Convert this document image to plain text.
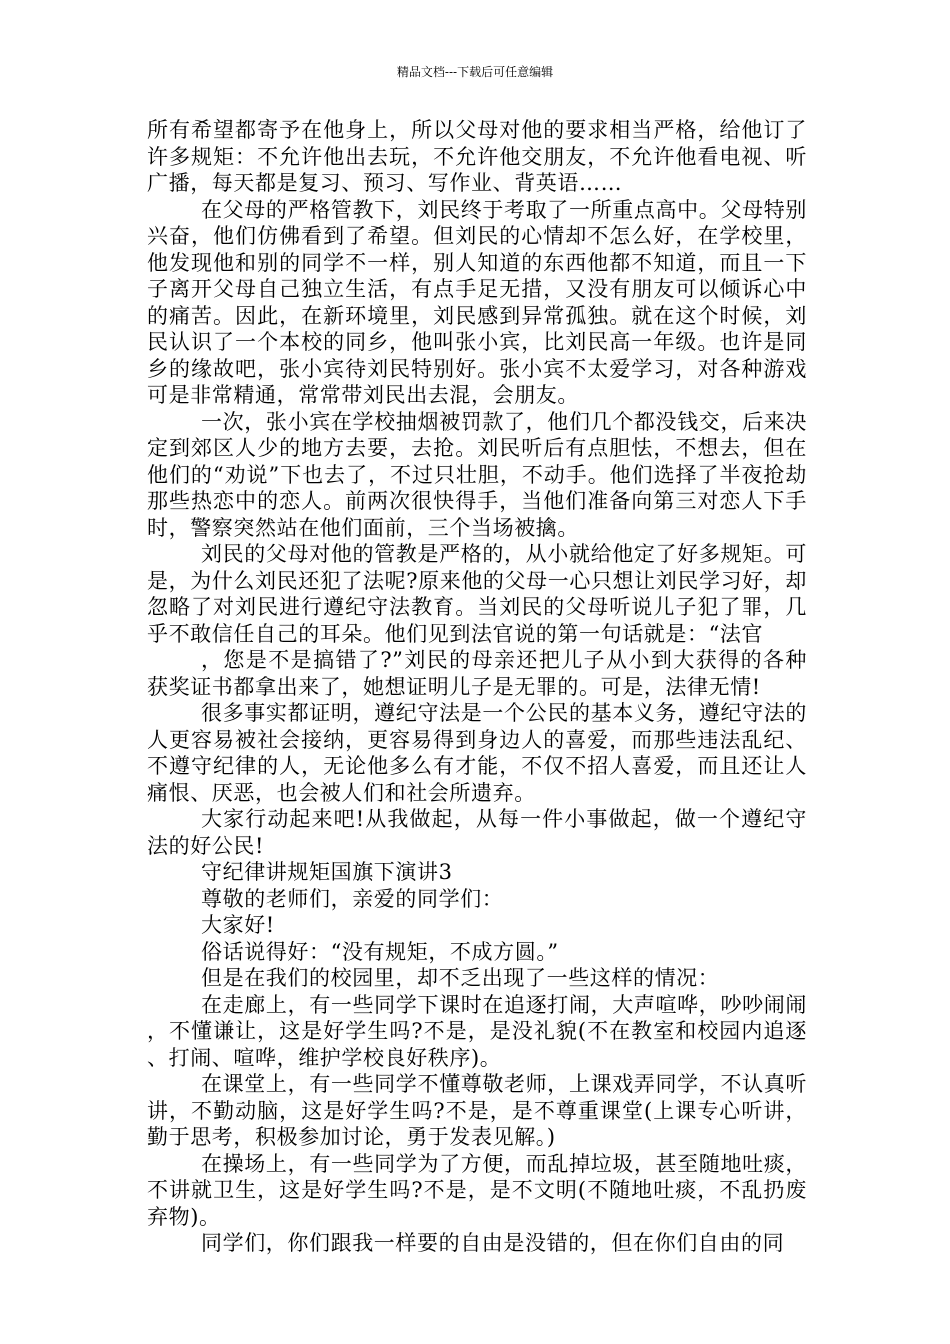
精品文档---下载后可任意编辑

所有希望都寄予在他身上，所以父母对他的要求相当严格，给他订了许多规矩：不允许他出去玩，不允许他交朋友，不允许他看电视、听广播，每天都是复习、预习、写作业、背英语……

在父母的严格管教下，刘民终于考取了一所重点高中。父母特别兴奋，他们仿佛看到了希望。但刘民的心情却不怎么好，在学校里，他发现他和别的同学不一样，别人知道的东西他都不知道，而且一下子离开父母自己独立生活，有点手足无措，又没有朋友可以倾诉心中的痛苦。因此，在新环境里，刘民感到异常孤独。就在这个时候，刘民认识了一个本校的同乡，他叫张小宾，比刘民高一年级。也许是同乡的缘故吧，张小宾待刘民特别好。张小宾不太爱学习，对各种游戏可是非常精通，常常带刘民出去混，会朋友。

一次，张小宾在学校抽烟被罚款了，他们几个都没钱交，后来决定到郊区人少的地方去要，去抢。刘民听后有点胆怯，不想去，但在他们的“劝说”下也去了，不过只壮胆，不动手。他们选择了半夜抢劫那些热恋中的恋人。前两次很快得手，当他们准备向第三对恋人下手时，警察突然站在他们面前，三个当场被擒。

刘民的父母对他的管教是严格的，从小就给他定了好多规矩。可是，为什么刘民还犯了法呢?原来他的父母一心只想让刘民学习好，却忽略了对刘民进行遵纪守法教育。当刘民的父母听说儿子犯了罪，几乎不敢信任自己的耳朵。他们见到法官说的第一句话就是：“法官

，您是不是搞错了?”刘民的母亲还把儿子从小到大获得的各种获奖证书都拿出来了，她想证明儿子是无罪的。可是，法律无情!

很多事实都证明，遵纪守法是一个公民的基本义务，遵纪守法的人更容易被社会接纳，更容易得到身边人的喜爱，而那些违法乱纪、不遵守纪律的人，无论他多么有才能，不仅不招人喜爱，而且还让人痛恨、厌恶，也会被人们和社会所遗弃。

大家行动起来吧!从我做起，从每一件小事做起，做一个遵纪守法的好公民!

守纪律讲规矩国旗下演讲3

尊敬的老师们，亲爱的同学们：

大家好!

俗话说得好：“没有规矩，不成方圆。”

但是在我们的校园里，却不乏出现了一些这样的情况：

在走廊上，有一些同学下课时在追逐打闹，大声喧哗，吵吵闹闹，不懂谦让，这是好学生吗?不是，是没礼貌(不在教室和校园内追逐、打闹、喧哗，维护学校良好秩序)。

在课堂上，有一些同学不懂尊敬老师，上课戏弄同学，不认真听讲，不勤动脑，这是好学生吗?不是，是不尊重课堂(上课专心听讲，勤于思考，积极参加讨论，勇于发表见解。)

在操场上，有一些同学为了方便，而乱掉垃圾，甚至随地吐痰，不讲就卫生，这是好学生吗?不是，是不文明(不随地吐痰，不乱扔废弃物)。

同学们，你们跟我一样要的自由是没错的，但在你们自由的同
